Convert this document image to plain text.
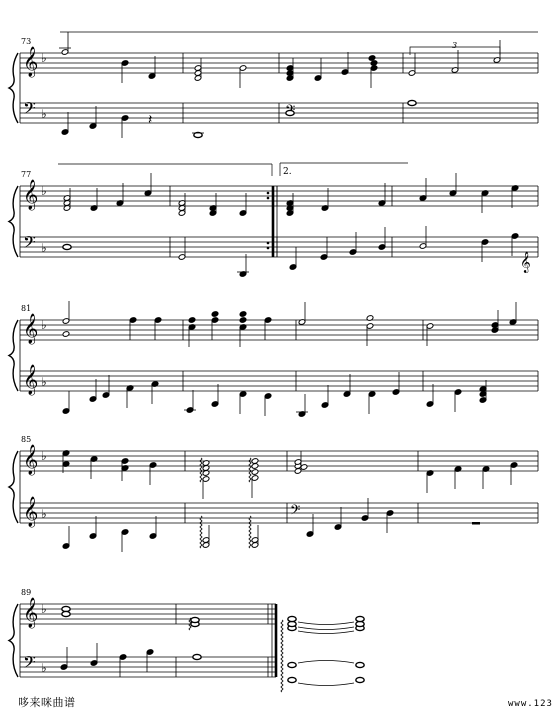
𝄞 ♭
𝄢 ♭
73
𝄞 ♭
𝄢 ♭
77
𝄞 ♭
𝄞 ♭
81
𝄞 ♭
𝄞 ♭
85
𝄞 ♭
𝄢 ♭
89
𝄢
𝄞
2.
𝄽
3
哆来咪曲谱	www.123
